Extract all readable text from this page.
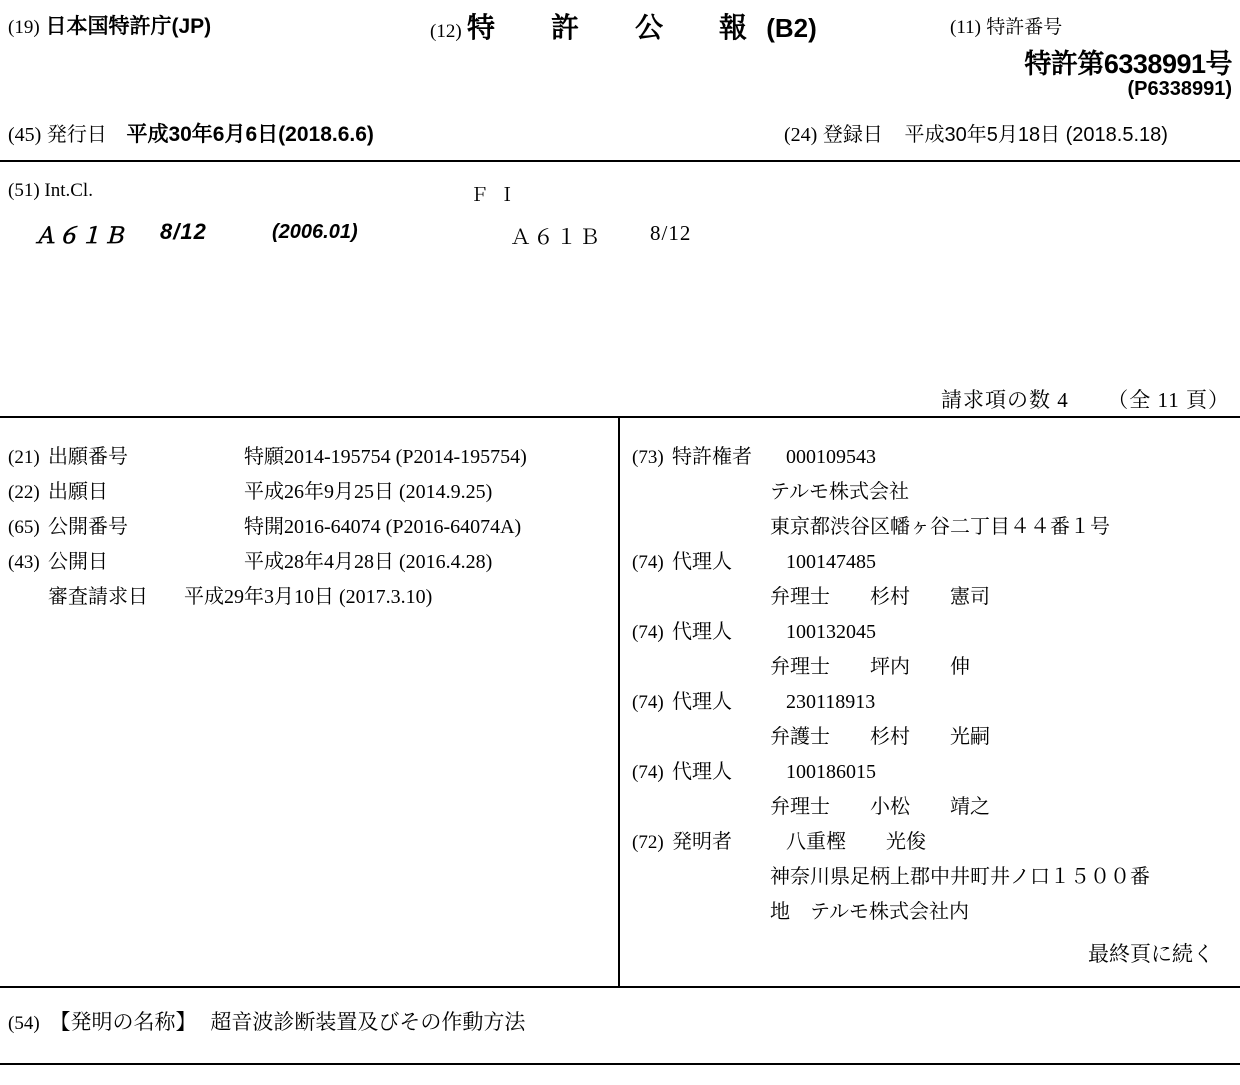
(19) 日本国特許庁(JP)	(12) 特　許　公　報 (B2)	(11) 特許番号
特許第6338991号
(P6338991)
(45) 発行日 平成30年6月6日(2018.6.6)	(24) 登録日 平成30年5月18日 (2018.5.18)
(51) Int.Cl.	Ｆ Ｉ
Ａ６１Ｂ 8/12	(2006.01)	Ａ６１Ｂ 8/12
請求項の数 4 （全 11 頁）
(21) 出願番号	特願2014-195754 (P2014-195754)
(22) 出願日	平成26年9月25日 (2014.9.25)
(65) 公開番号	特開2016-64074 (P2016-64074A)
(43) 公開日	平成28年4月28日 (2016.4.28)
審査請求日 平成29年3月10日 (2017.3.10)
(73) 特許権者	000109543
テルモ株式会社
東京都渋谷区幡ヶ谷二丁目４４番１号
(74) 代理人	100147485
弁理士　　杉村　　憲司
(74) 代理人	100132045
弁理士　　坪内　　伸
(74) 代理人	230118913
弁護士　　杉村　　光嗣
(74) 代理人	100186015
弁理士　　小松　　靖之
(72) 発明者	八重樫　　光俊
神奈川県足柄上郡中井町井ノ口１５００番
地　テルモ株式会社内
最終頁に続く
(54) 【発明の名称】 超音波診断装置及びその作動方法
